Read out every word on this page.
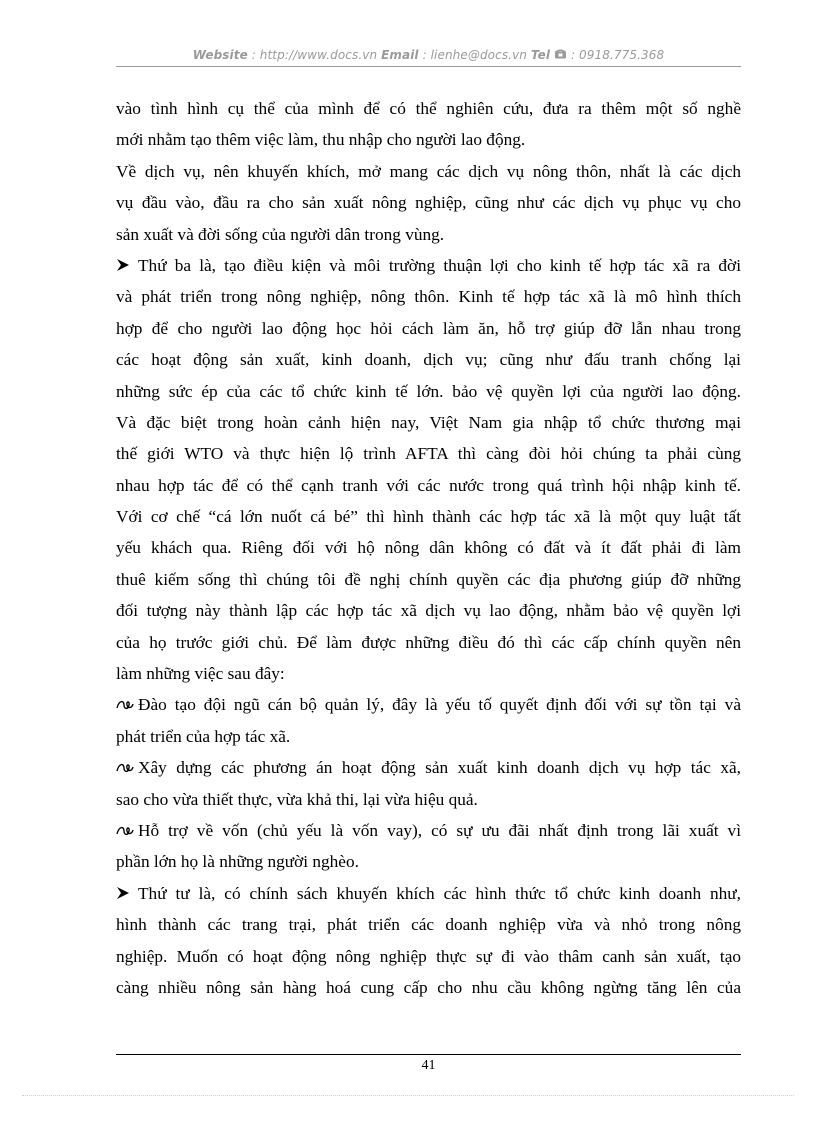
Website : http://www.docs.vn Email : lienhe@docs.vn Tel : 0918.775.368
vào tình hình cụ thể của mình để có thể nghiên cứu, đưa ra thêm một số nghề
mới nhằm tạo thêm việc làm, thu nhập cho người lao động.
Về dịch vụ, nên khuyến khích, mở mang các dịch vụ nông thôn, nhất là các dịch
vụ đầu vào, đầu ra cho sản xuất nông nghiệp, cũng như các dịch vụ phục vụ cho
sản xuất và đời sống của người dân trong vùng.
Thứ ba là, tạo điều kiện và môi trường thuận lợi cho kinh tế hợp tác xã ra đời
và phát triển trong nông nghiệp, nông thôn. Kinh tế hợp tác xã là mô hình thích
hợp để cho người lao động học hỏi cách làm ăn, hỗ trợ giúp đỡ lẫn nhau trong
các hoạt động sản xuất, kinh doanh, dịch vụ; cũng như đấu tranh chống lại
những sức ép của các tổ chức kinh tế lớn. bảo vệ quyền lợi của người lao động.
Và đặc biệt trong hoàn cảnh hiện nay, Việt Nam gia nhập tổ chức thương mại
thế giới WTO và thực hiện lộ trình AFTA thì càng đòi hỏi chúng ta phải cùng
nhau hợp tác để có thể cạnh tranh với các nước trong quá trình hội nhập kinh tế.
Với cơ chế “cá lớn nuốt cá bé” thì hình thành các hợp tác xã là một quy luật tất
yếu khách qua. Riêng đối với hộ nông dân không có đất và ít đất phải đi làm
thuê kiếm sống thì chúng tôi đề nghị chính quyền các địa phương giúp đỡ những
đối tượng này thành lập các hợp tác xã dịch vụ lao động, nhằm bảo vệ quyền lợi
của họ trước giới chủ. Để làm được những điều đó thì các cấp chính quyền nên
làm những việc sau đây:
Đào tạo đội ngũ cán bộ quản lý, đây là yếu tố quyết định đối với sự tồn tại và
phát triển của hợp tác xã.
Xây dựng các phương án hoạt động sản xuất kinh doanh dịch vụ hợp tác xã,
sao cho vừa thiết thực, vừa khả thi, lại vừa hiệu quả.
Hỗ trợ về vốn (chủ yếu là vốn vay), có sự ưu đãi nhất định trong lãi xuất vì
phần lớn họ là những người nghèo.
Thứ tư là, có chính sách khuyến khích các hình thức tổ chức kinh doanh như,
hình thành các trang trại, phát triển các doanh nghiệp vừa và nhỏ trong nông
nghiệp. Muốn có hoạt động nông nghiệp thực sự đi vào thâm canh sản xuất, tạo
càng nhiều nông sản hàng hoá cung cấp cho nhu cầu không ngừng tăng lên của
41
